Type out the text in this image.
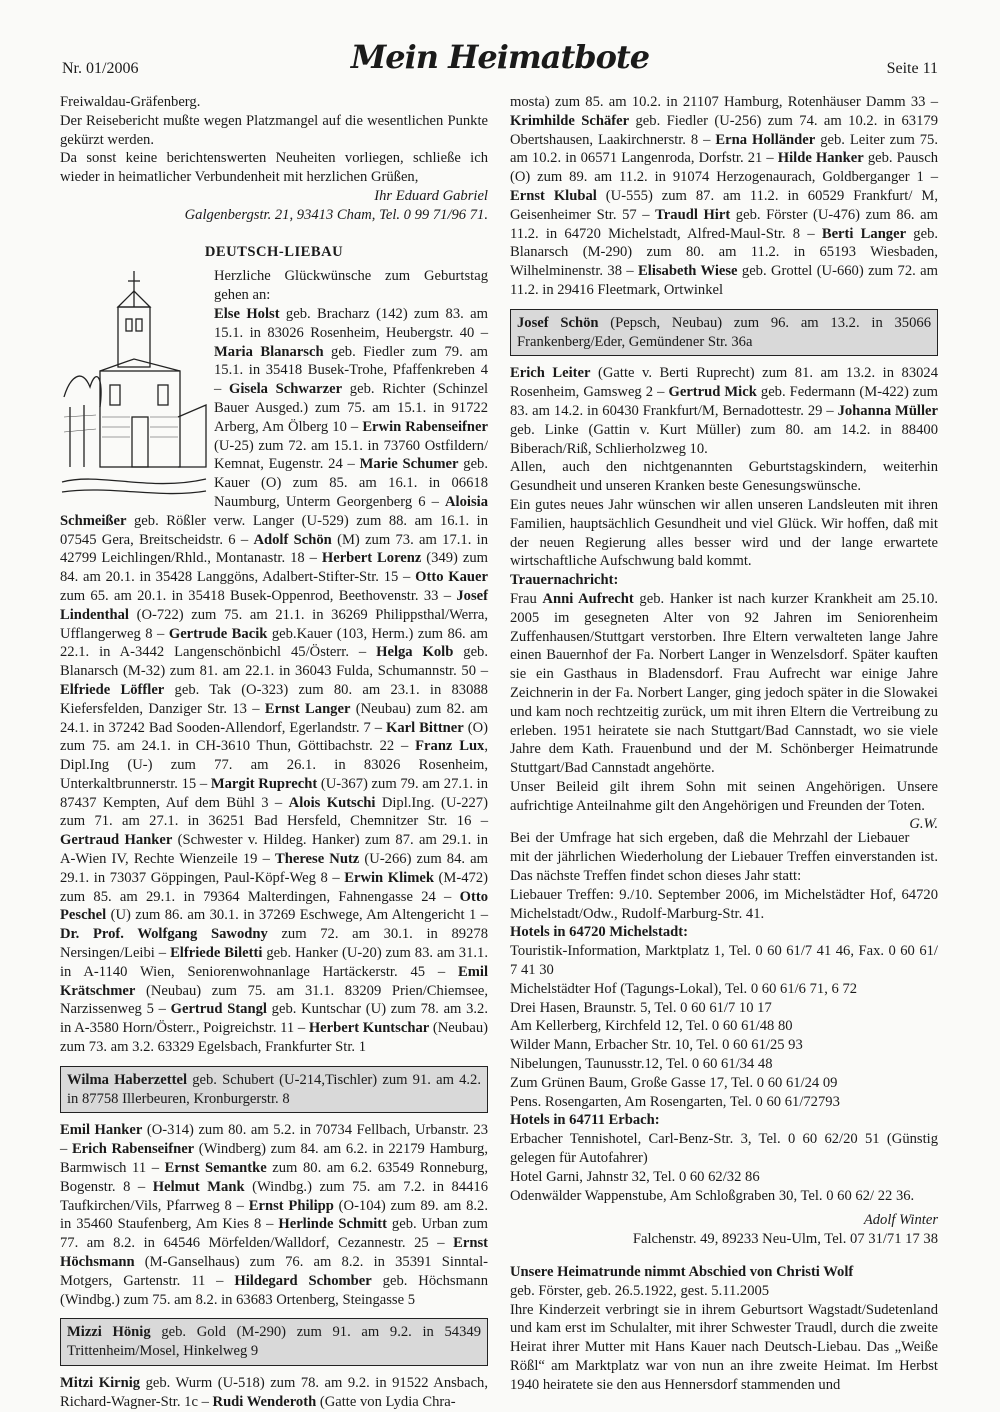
Nr. 01/2006	Mein Heimatbote	Seite 11

Freiwaldau-Gräfenberg.

Der Reisebericht mußte wegen Platzmangel auf die wesentlichen Punkte gekürzt werden.

Da sonst keine berichtenswerten Neuheiten vorliegen, schließe ich wieder in heimatlicher Verbundenheit mit herzlichen Grüßen,

Ihr Eduard Gabriel

Galgenbergstr. 21, 93413 Cham, Tel. 0 99 71/96 71.

DEUTSCH-LIEBAU

Herzliche Glückwünsche zum Geburtstag gehen an:

Else Holst geb. Bracharz (142) zum 83. am 15.1. in 83026 Rosenheim, Heubergstr. 40 – Maria Blanarsch geb. Fiedler zum 79. am 15.1. in 35418 Busek-Trohe, Pfaffenkreben 4 – Gisela Schwarzer geb. Richter (Schinzel Bauer Ausged.) zum 75. am 15.1. in 91722 Arberg, Am Ölberg 10 – Erwin Rabenseifner (U-25) zum 72. am 15.1. in 73760 Ostfildern/ Kemnat, Eugenstr. 24 – Marie Schumer geb. Kauer (O) zum 85. am 16.1. in 06618 Naumburg, Unterm Georgenberg 6 – Aloisia Schmeißer geb. Rößler verw. Langer (U-529) zum 88. am 16.1. in 07545 Gera, Breitscheidstr. 6 – Adolf Schön (M) zum 73. am 17.1. in 42799 Leichlingen/Rhld., Montanastr. 18 – Herbert Lorenz (349) zum 84. am 20.1. in 35428 Langgöns, Adalbert-Stifter-Str. 15 – Otto Kauer zum 65. am 20.1. in 35418 Busek-Oppenrod, Beethovenstr. 33 – Josef Lindenthal (O-722) zum 75. am 21.1. in 36269 Philippsthal/Werra, Ufflangerweg 8 – Gertrude Bacik geb.Kauer (103, Herm.) zum 86. am 22.1. in A-3442 Langenschönbichl 45/Österr. – Helga Kolb geb. Blanarsch (M-32) zum 81. am 22.1. in 36043 Fulda, Schumannstr. 50 – Elfriede Löffler geb. Tak (O-323) zum 80. am 23.1. in 83088 Kiefersfelden, Danziger Str. 13 – Ernst Langer (Neubau) zum 82. am 24.1. in 37242 Bad Sooden-Allendorf, Egerlandstr. 7 – Karl Bittner (O) zum 75. am 24.1. in CH-3610 Thun, Göttibachstr. 22 – Franz Lux, Dipl.Ing (U-) zum 77. am 26.1. in 83026 Rosenheim, Unterkaltbrunnerstr. 15 – Margit Ruprecht (U-367) zum 79. am 27.1. in 87437 Kempten, Auf dem Bühl 3 – Alois Kutschi Dipl.Ing. (U-227) zum 71. am 27.1. in 36251 Bad Hersfeld, Chemnitzer Str. 16 – Gertraud Hanker (Schwester v. Hildeg. Hanker) zum 87. am 29.1. in A-Wien IV, Rechte Wienzeile 19 – Therese Nutz (U-266) zum 84. am 29.1. in 73037 Göppingen, Paul-Köpf-Weg 8 – Erwin Klimek (M-472) zum 85. am 29.1. in 79364 Malterdingen, Fahnengasse 24 – Otto Peschel (U) zum 86. am 30.1. in 37269 Eschwege, Am Altengericht 1 – Dr. Prof. Wolfgang Sawodny zum 72. am 30.1. in 89278 Nersingen/Leibi – Elfriede Biletti geb. Hanker (U-20) zum 83. am 31.1. in A-1140 Wien, Seniorenwohnanlage Hartäckerstr. 45 – Emil Krätschmer (Neubau) zum 75. am 31.1. 83209 Prien/Chiemsee, Narzissenweg 5 – Gertrud Stangl geb. Kuntschar (U) zum 78. am 3.2. in A-3580 Horn/Österr., Poigreichstr. 11 – Herbert Kuntschar (Neubau) zum 73. am 3.2. 63329 Egelsbach, Frankfurter Str. 1

Wilma Haberzettel geb. Schubert (U-214,Tischler) zum 91. am 4.2. in 87758 Illerbeuren, Kronburgerstr. 8

Emil Hanker (O-314) zum 80. am 5.2. in 70734 Fellbach, Urbanstr. 23 – Erich Rabenseifner (Windberg) zum 84. am 6.2. in 22179 Hamburg, Barmwisch 11 – Ernst Semantke zum 80. am 6.2. 63549 Ronneburg, Bogenstr. 8 – Helmut Mank (Windbg.) zum 75. am 7.2. in 84416 Taufkirchen/Vils, Pfarrweg 8 – Ernst Philipp (O-104) zum 89. am 8.2. in 35460 Staufenberg, Am Kies 8 – Herlinde Schmitt geb. Urban zum 77. am 8.2. in 64546 Mörfelden/Walldorf, Cezannestr. 25 – Ernst Höchsmann (M-Ganselhaus) zum 76. am 8.2. in 35391 Sinntal-Motgers, Gartenstr. 11 – Hildegard Schomber geb. Höchsmann (Windbg.) zum 75. am 8.2. in 63683 Ortenberg, Steingasse 5

Mizzi Hönig geb. Gold (M-290) zum 91. am 9.2. in 54349 Trittenheim/Mosel, Hinkelweg 9

Mitzi Kirnig geb. Wurm (U-518) zum 78. am 9.2. in 91522 Ansbach, Richard-Wagner-Str. 1c – Rudi Wenderoth (Gatte von Lydia Chra-

mosta) zum 85. am 10.2. in 21107 Hamburg, Rotenhäuser Damm 33 – Krimhilde Schäfer geb. Fiedler (U-256) zum 74. am 10.2. in 63179 Obertshausen, Laakirchnerstr. 8 – Erna Holländer geb. Leiter zum 75. am 10.2. in 06571 Langenroda, Dorfstr. 21 – Hilde Hanker geb. Pausch (O) zum 89. am 11.2. in 91074 Herzogenaurach, Goldberganger 1 – Ernst Klubal (U-555) zum 87. am 11.2. in 60529 Frankfurt/ M, Geisenheimer Str. 57 – Traudl Hirt geb. Förster (U-476) zum 86. am 11.2. in 64720 Michelstadt, Alfred-Maul-Str. 8 – Berti Langer geb. Blanarsch (M-290) zum 80. am 11.2. in 65193 Wiesbaden, Wilhelminenstr. 38 – Elisabeth Wiese geb. Grottel (U-660) zum 72. am 11.2. in 29416 Fleetmark, Ortwinkel

Josef Schön (Pepsch, Neubau) zum 96. am 13.2. in 35066 Frankenberg/Eder, Gemündener Str. 36a

Erich Leiter (Gatte v. Berti Ruprecht) zum 81. am 13.2. in 83024 Rosenheim, Gamsweg 2 – Gertrud Mick geb. Federmann (M-422) zum 83. am 14.2. in 60430 Frankfurt/M, Bernadottestr. 29 – Johanna Müller geb. Linke (Gattin v. Kurt Müller) zum 80. am 14.2. in 88400 Biberach/Riß, Schlierholzweg 10.

Allen, auch den nichtgenannten Geburtstagskindern, weiterhin Gesundheit und unseren Kranken beste Genesungswünsche.

Ein gutes neues Jahr wünschen wir allen unseren Landsleuten mit ihren Familien, hauptsächlich Gesundheit und viel Glück. Wir hoffen, daß mit der neuen Regierung alles besser wird und der lange erwartete wirtschaftliche Aufschwung bald kommt.

Trauernachricht:

Frau Anni Aufrecht geb. Hanker ist nach kurzer Krankheit am 25.10. 2005 im gesegneten Alter von 92 Jahren im Seniorenheim Zuffenhausen/Stuttgart verstorben. Ihre Eltern verwalteten lange Jahre einen Bauernhof der Fa. Norbert Langer in Wenzelsdorf. Später kauften sie ein Gasthaus in Bladensdorf. Frau Aufrecht war einige Jahre Zeichnerin in der Fa. Norbert Langer, ging jedoch später in die Slowakei und kam noch rechtzeitig zurück, um mit ihren Eltern die Vertreibung zu erleben. 1951 heiratete sie nach Stuttgart/Bad Cannstadt, wo sie viele Jahre dem Kath. Frauenbund und der M. Schönberger Heimatrunde Stuttgart/Bad Cannstadt angehörte.

Unser Beileid gilt ihrem Sohn mit seinen Angehörigen. Unsere aufrichtige Anteilnahme gilt den Angehörigen und Freunden der Toten.
G.W.

Bei der Umfrage hat sich ergeben, daß die Mehrzahl der Liebauer mit der jährlichen Wiederholung der Liebauer Treffen einverstanden ist. Das nächste Treffen findet schon dieses Jahr statt:

Liebauer Treffen: 9./10. September 2006, im Michelstädter Hof, 64720 Michelstadt/Odw., Rudolf-Marburg-Str. 41.

Hotels in 64720 Michelstadt:

Touristik-Information, Marktplatz 1, Tel. 0 60 61/7 41 46, Fax. 0 60 61/ 7 41 30

Michelstädter Hof (Tagungs-Lokal), Tel. 0 60 61/6 71, 6 72

Drei Hasen, Braunstr. 5, Tel. 0 60 61/7 10 17

Am Kellerberg, Kirchfeld 12, Tel. 0 60 61/48 80

Wilder Mann, Erbacher Str. 10, Tel. 0 60 61/25 93

Nibelungen, Taunusstr.12, Tel. 0 60 61/34 48

Zum Grünen Baum, Große Gasse 17, Tel. 0 60 61/24 09

Pens. Rosengarten, Am Rosengarten, Tel. 0 60 61/72793

Hotels in 64711 Erbach:

Erbacher Tennishotel, Carl-Benz-Str. 3, Tel. 0 60 62/20 51 (Günstig gelegen für Autofahrer)

Hotel Garni, Jahnstr 32, Tel. 0 60 62/32 86

Odenwälder Wappenstube, Am Schloßgraben 30, Tel. 0 60 62/ 22 36.

Adolf Winter

Falchenstr. 49, 89233 Neu-Ulm, Tel. 07 31/71 17 38

Unsere Heimatrunde nimmt Abschied von Christi Wolf

geb. Förster, geb. 26.5.1922, gest. 5.11.2005

Ihre Kinderzeit verbringt sie in ihrem Geburtsort Wagstadt/Sudetenland und kam erst im Schulalter, mit ihrer Schwester Traudl, durch die zweite Heirat ihrer Mutter mit Hans Kauer nach Deutsch-Liebau. Das „Weiße Rößl“ am Marktplatz war von nun an ihre zweite Heimat. Im Herbst 1940 heiratete sie den aus Hennersdorf stammenden und
